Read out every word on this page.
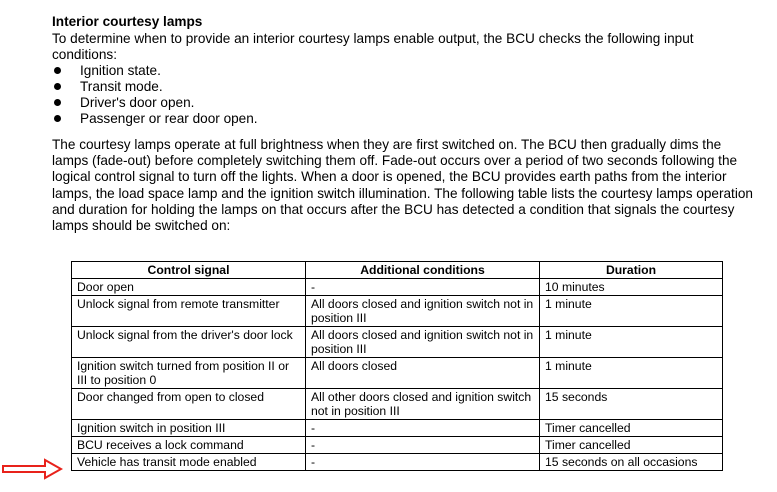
Interior courtesy lamps
To determine when to provide an interior courtesy lamps enable output, the BCU checks the following input conditions:
Ignition state.
Transit mode.
Driver's door open.
Passenger or rear door open.
The courtesy lamps operate at full brightness when they are first switched on. The BCU then gradually dims the lamps (fade-out) before completely switching them off. Fade-out occurs over a period of two seconds following the logical control signal to turn off the lights. When a door is opened, the BCU provides earth paths from the interior lamps, the load space lamp and the ignition switch illumination. The following table lists the courtesy lamps operation and duration for holding the lamps on that occurs after the BCU has detected a condition that signals the courtesy lamps should be switched on:
Control signal	Additional conditions	Duration
Door open	-	10 minutes
Unlock signal from remote transmitter	All doors closed and ignition switch not in position III	1 minute
Unlock signal from the driver's door lock	All doors closed and ignition switch not in position III	1 minute
Ignition switch turned from position II or III to position 0	All doors closed	1 minute
Door changed from open to closed	All other doors closed and ignition switch not in position III	15 seconds
Ignition switch in position III	-	Timer cancelled
BCU receives a lock command	-	Timer cancelled
Vehicle has transit mode enabled	-	15 seconds on all occasions
